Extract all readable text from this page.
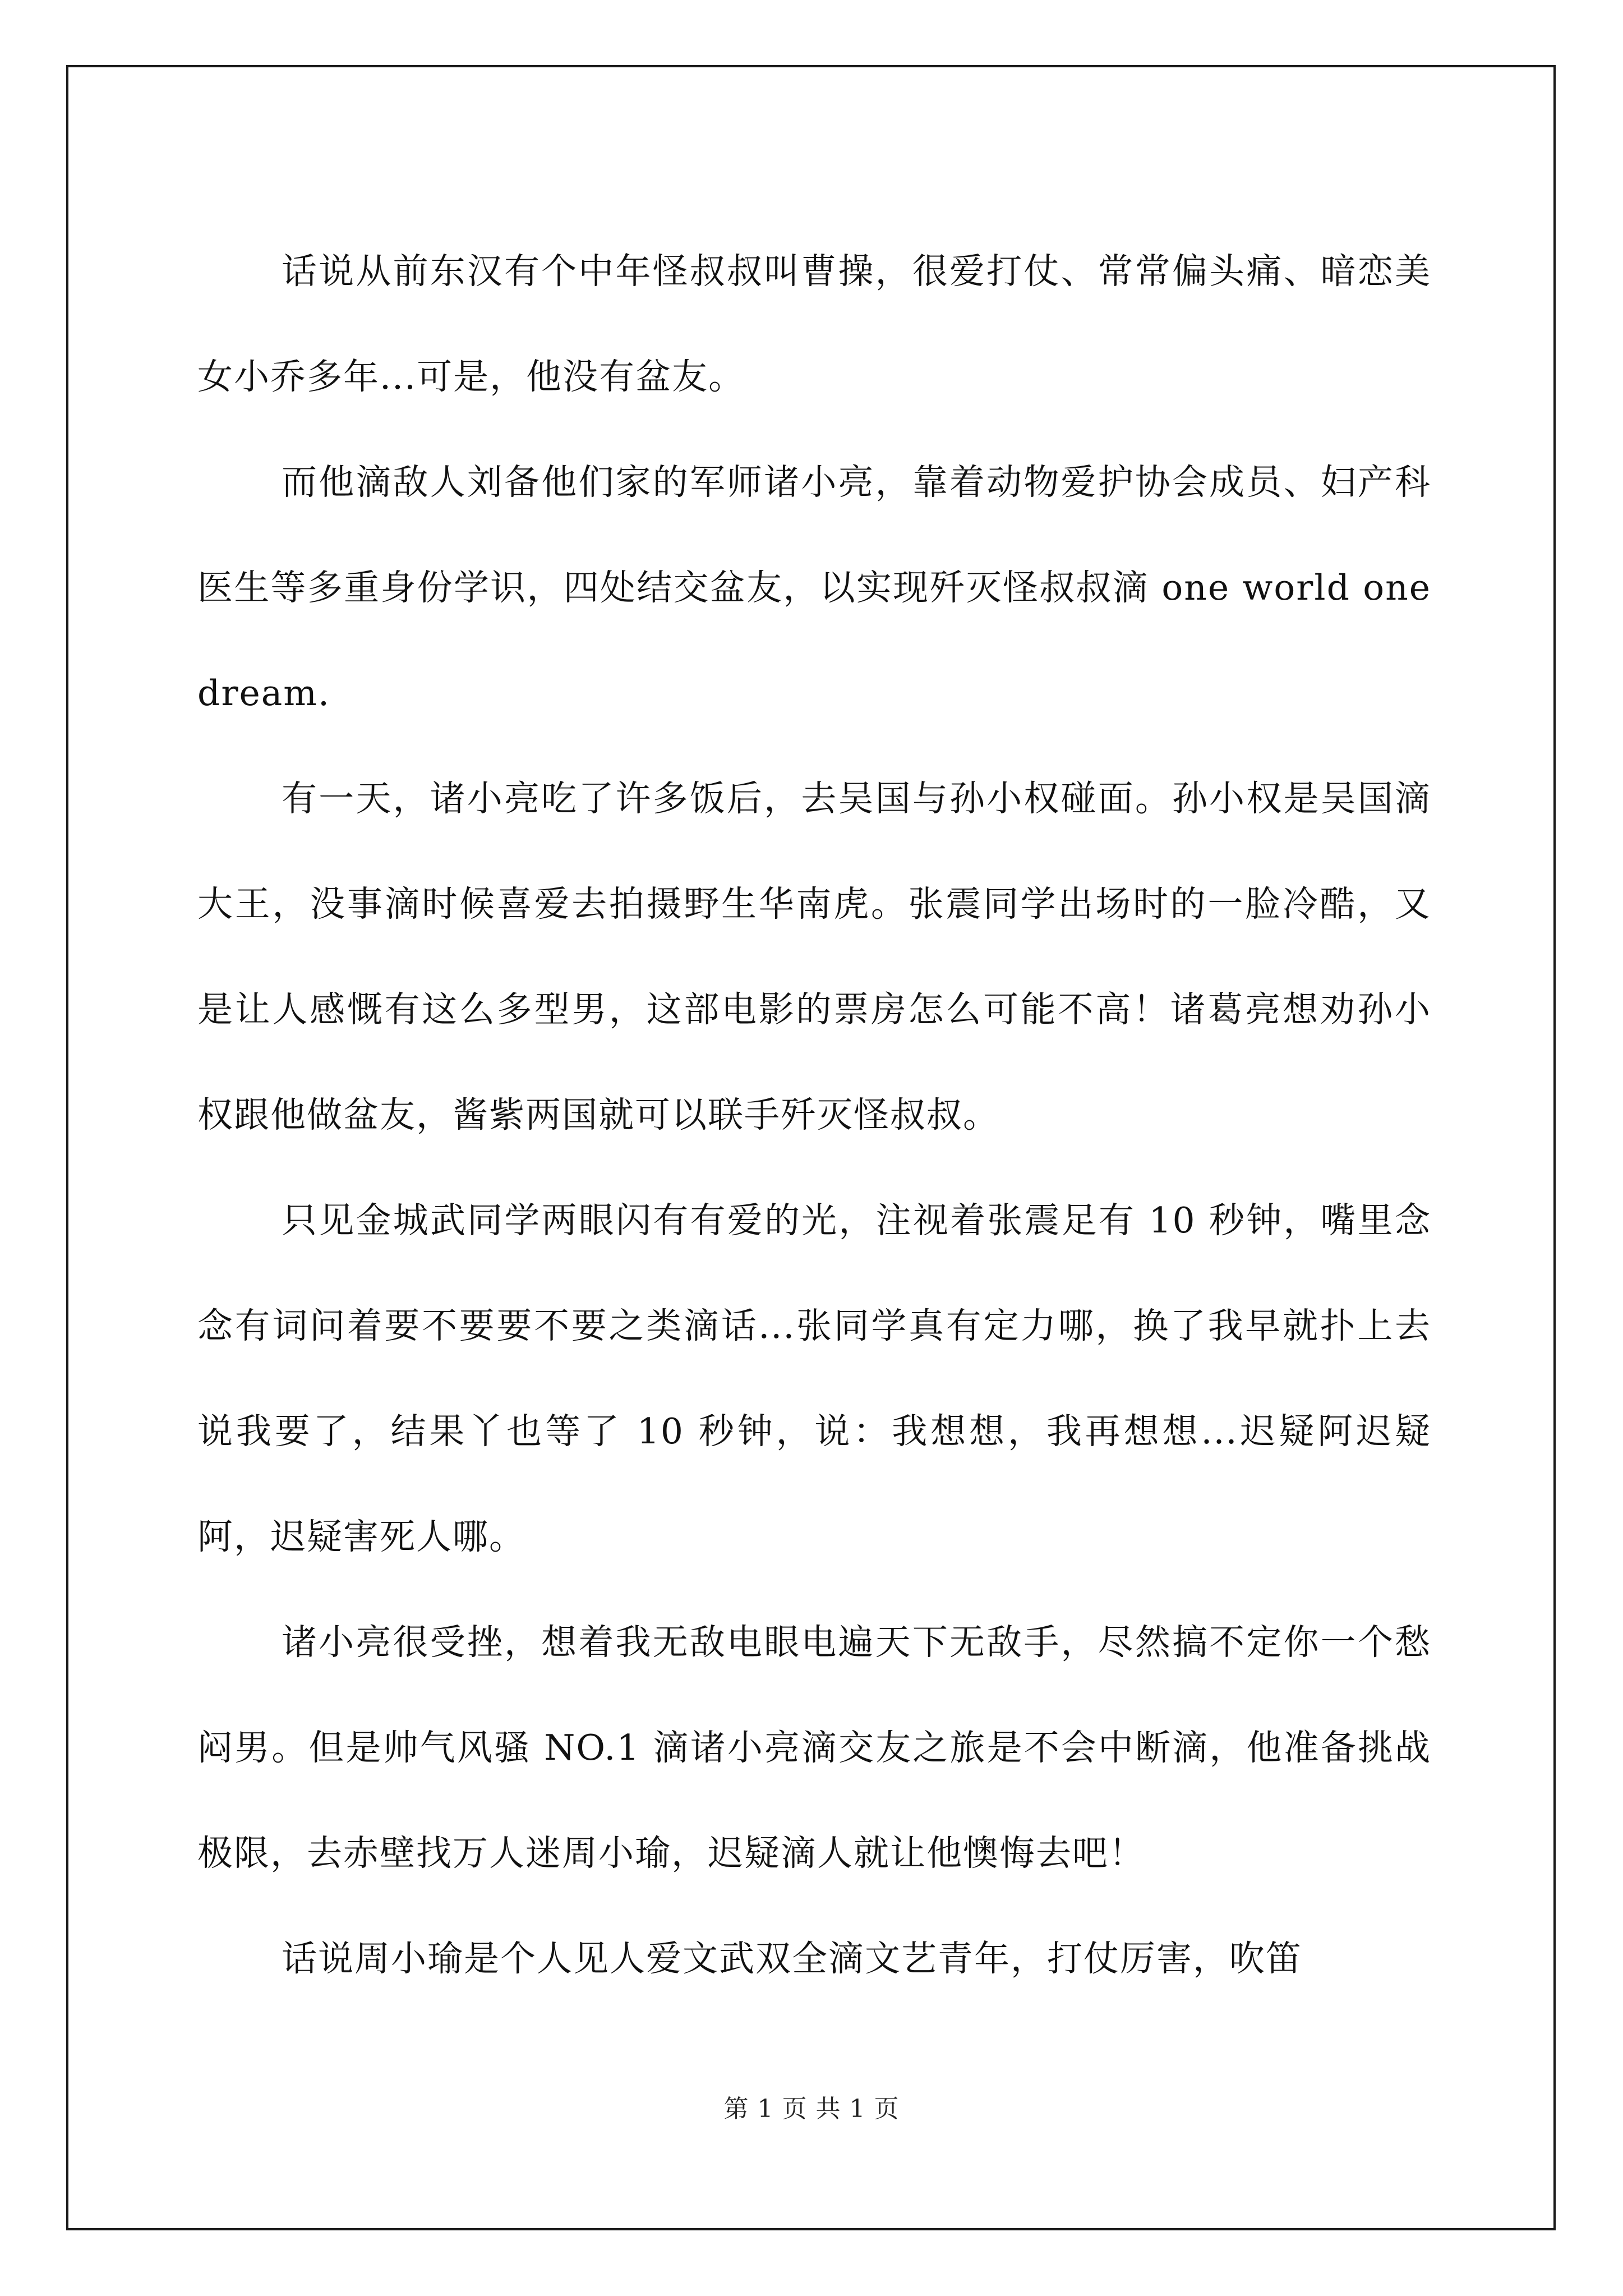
话说从前东汉有个中年怪叔叔叫曹操，很爱打仗、常常偏头痛、暗恋美女小乔多年...可是，他没有盆友。

而他滴敌人刘备他们家的军师诸小亮，靠着动物爱护协会成员、妇产科医生等多重身份学识，四处结交盆友，以实现歼灭怪叔叔滴 one world one dream.

有一天，诸小亮吃了许多饭后，去吴国与孙小权碰面。孙小权是吴国滴大王，没事滴时候喜爱去拍摄野生华南虎。张震同学出场时的一脸冷酷，又是让人感慨有这么多型男，这部电影的票房怎么可能不高！诸葛亮想劝孙小权跟他做盆友，酱紫两国就可以联手歼灭怪叔叔。

只见金城武同学两眼闪有有爱的光，注视着张震足有 10 秒钟，嘴里念念有词问着要不要要不要之类滴话...张同学真有定力哪，换了我早就扑上去说我要了，结果丫也等了 10 秒钟，说：我想想，我再想想...迟疑阿迟疑阿，迟疑害死人哪。

诸小亮很受挫，想着我无敌电眼电遍天下无敌手，尽然搞不定你一个愁闷男。但是帅气风骚 NO.1 滴诸小亮滴交友之旅是不会中断滴，他准备挑战极限，去赤壁找万人迷周小瑜，迟疑滴人就让他懊悔去吧！

话说周小瑜是个人见人爱文武双全滴文艺青年，打仗厉害，吹笛

第 1 页 共 1 页
